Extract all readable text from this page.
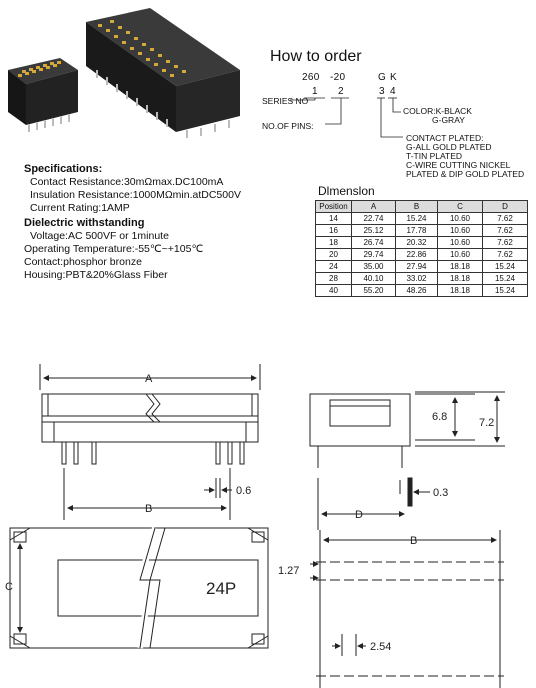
How to order
260 -20	G K
1 2	3 4
SERIES NO
NO.OF PINS:
COLOR:K-BLACK
G-GRAY
CONTACT PLATED:
G-ALL GOLD PLATED
T-TIN PLATED
C-WIRE CUTTING NICKEL
PLATED & DIP GOLD PLATED
Specifications:
Contact Resistance:30mΩmax.DC100mA
Insulation Resistance:1000MΩmin.atDC500V
Current Rating:1AMP
Dielectric withstanding
Voltage:AC 500VF or 1minute
Operating Temperature:-55℃~+105℃
Contact:phosphor bronze
Housing:PBT&20%Glass Fiber
Dlmenslon
Position	A	B	C	D
14	22.74	15.24	10.60	7.62
16	25.12	17.78	10.60	7.62
18	26.74	20.32	10.60	7.62
20	29.74	22.86	10.60	7.62
24	35.00	27.94	18.18	15.24
28	40.10	33.02	18.18	15.24
40	55.20	48.26	18.18	15.24
A
B
0.6
6.8	7.2
D
0.3
C	24P
B
1.27
2.54
